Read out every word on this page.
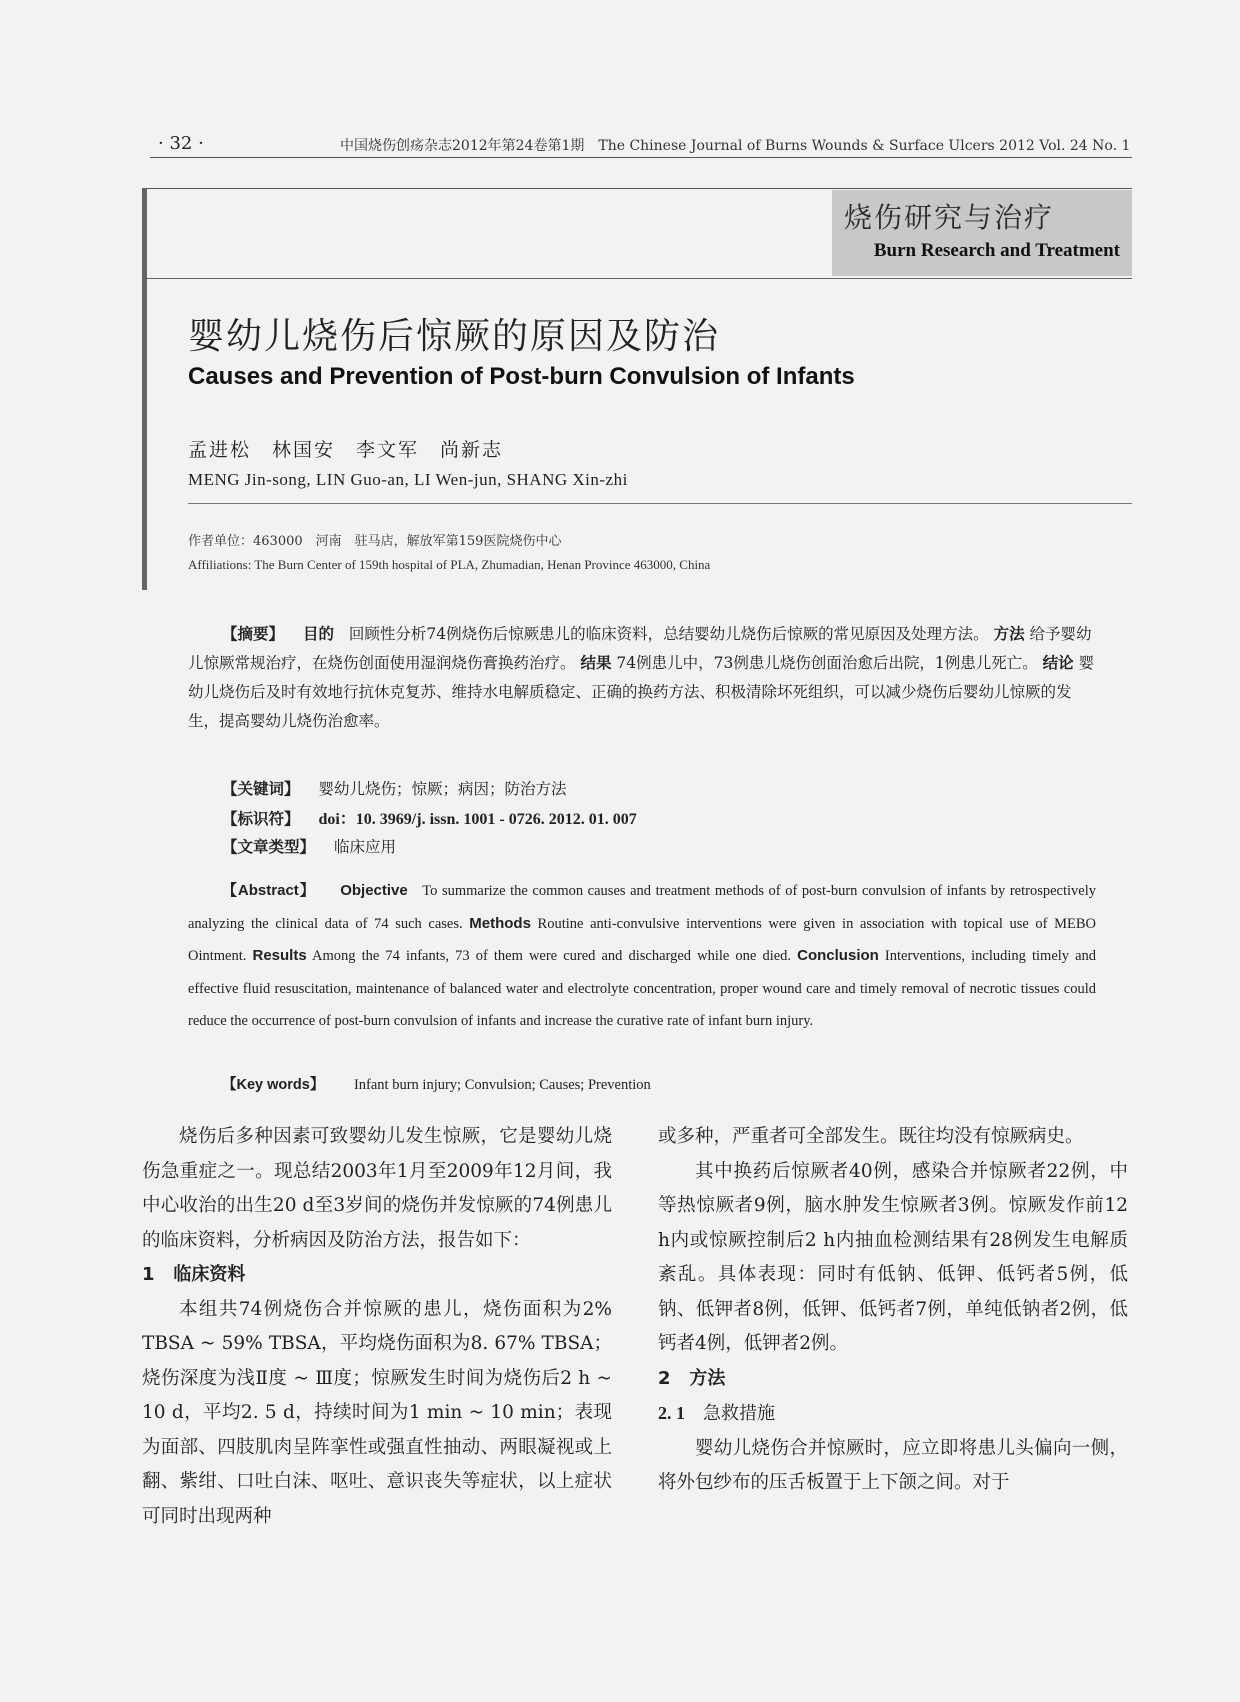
· 32 ·	中国烧伤创疡杂志2012年第24卷第1期　The Chinese Journal of Burns Wounds & Surface Ulcers 2012 Vol. 24 No. 1
烧伤研究与治疗
Burn Research and Treatment
婴幼儿烧伤后惊厥的原因及防治
Causes and Prevention of Post-burn Convulsion of Infants
孟进松　林国安　李文军　尚新志
MENG Jin-song, LIN Guo-an, LI Wen-jun, SHANG Xin-zhi
作者单位：463000　河南　驻马店，解放军第159医院烧伤中心
Affiliations: The Burn Center of 159th hospital of PLA, Zhumadian, Henan Province 463000, China
【摘要】 目的 回顾性分析74例烧伤后惊厥患儿的临床资料，总结婴幼儿烧伤后惊厥的常见原因及处理方法。 方法 给予婴幼儿惊厥常规治疗，在烧伤创面使用湿润烧伤膏换药治疗。 结果 74例患儿中，73例患儿烧伤创面治愈后出院，1例患儿死亡。 结论 婴幼儿烧伤后及时有效地行抗休克复苏、维持水电解质稳定、正确的换药方法、积极清除坏死组织，可以减少烧伤后婴幼儿惊厥的发生，提高婴幼儿烧伤治愈率。
【关键词】 婴幼儿烧伤；惊厥；病因；防治方法
【标识符】 doi：10. 3969/j. issn. 1001 - 0726. 2012. 01. 007
【文章类型】 临床应用
【Abstract】 Objective To summarize the common causes and treatment methods of of post-burn convulsion of infants by retrospectively analyzing the clinical data of 74 such cases. Methods Routine anti-convulsive interventions were given in association with topical use of MEBO Ointment. Results Among the 74 infants, 73 of them were cured and discharged while one died. Conclusion Interventions, including timely and effective fluid resuscitation, maintenance of balanced water and electrolyte concentration, proper wound care and timely removal of necrotic tissues could reduce the occurrence of post-burn convulsion of infants and increase the curative rate of infant burn injury.
【Key words】 Infant burn injury; Convulsion; Causes; Prevention

烧伤后多种因素可致婴幼儿发生惊厥，它是婴幼儿烧伤急重症之一。现总结2003年1月至2009年12月间，我中心收治的出生20 d至3岁间的烧伤并发惊厥的74例患儿的临床资料，分析病因及防治方法，报告如下：

1 临床资料

本组共74例烧伤合并惊厥的患儿，烧伤面积为2% TBSA ~ 59% TBSA，平均烧伤面积为8. 67% TBSA；烧伤深度为浅Ⅱ度 ~ Ⅲ度；惊厥发生时间为烧伤后2 h ~ 10 d，平均2. 5 d，持续时间为1 min ~ 10 min；表现为面部、四肢肌肉呈阵挛性或强直性抽动、两眼凝视或上翻、紫绀、口吐白沫、呕吐、意识丧失等症状，以上症状可同时出现两种

或多种，严重者可全部发生。既往均没有惊厥病史。

其中换药后惊厥者40例，感染合并惊厥者22例，中等热惊厥者9例，脑水肿发生惊厥者3例。惊厥发作前12 h内或惊厥控制后2 h内抽血检测结果有28例发生电解质紊乱。具体表现：同时有低钠、低钾、低钙者5例，低钠、低钾者8例，低钾、低钙者7例，单纯低钠者2例，低钙者4例，低钾者2例。

2 方法
2. 1 急救措施

婴幼儿烧伤合并惊厥时，应立即将患儿头偏向一侧，将外包纱布的压舌板置于上下颌之间。对于
